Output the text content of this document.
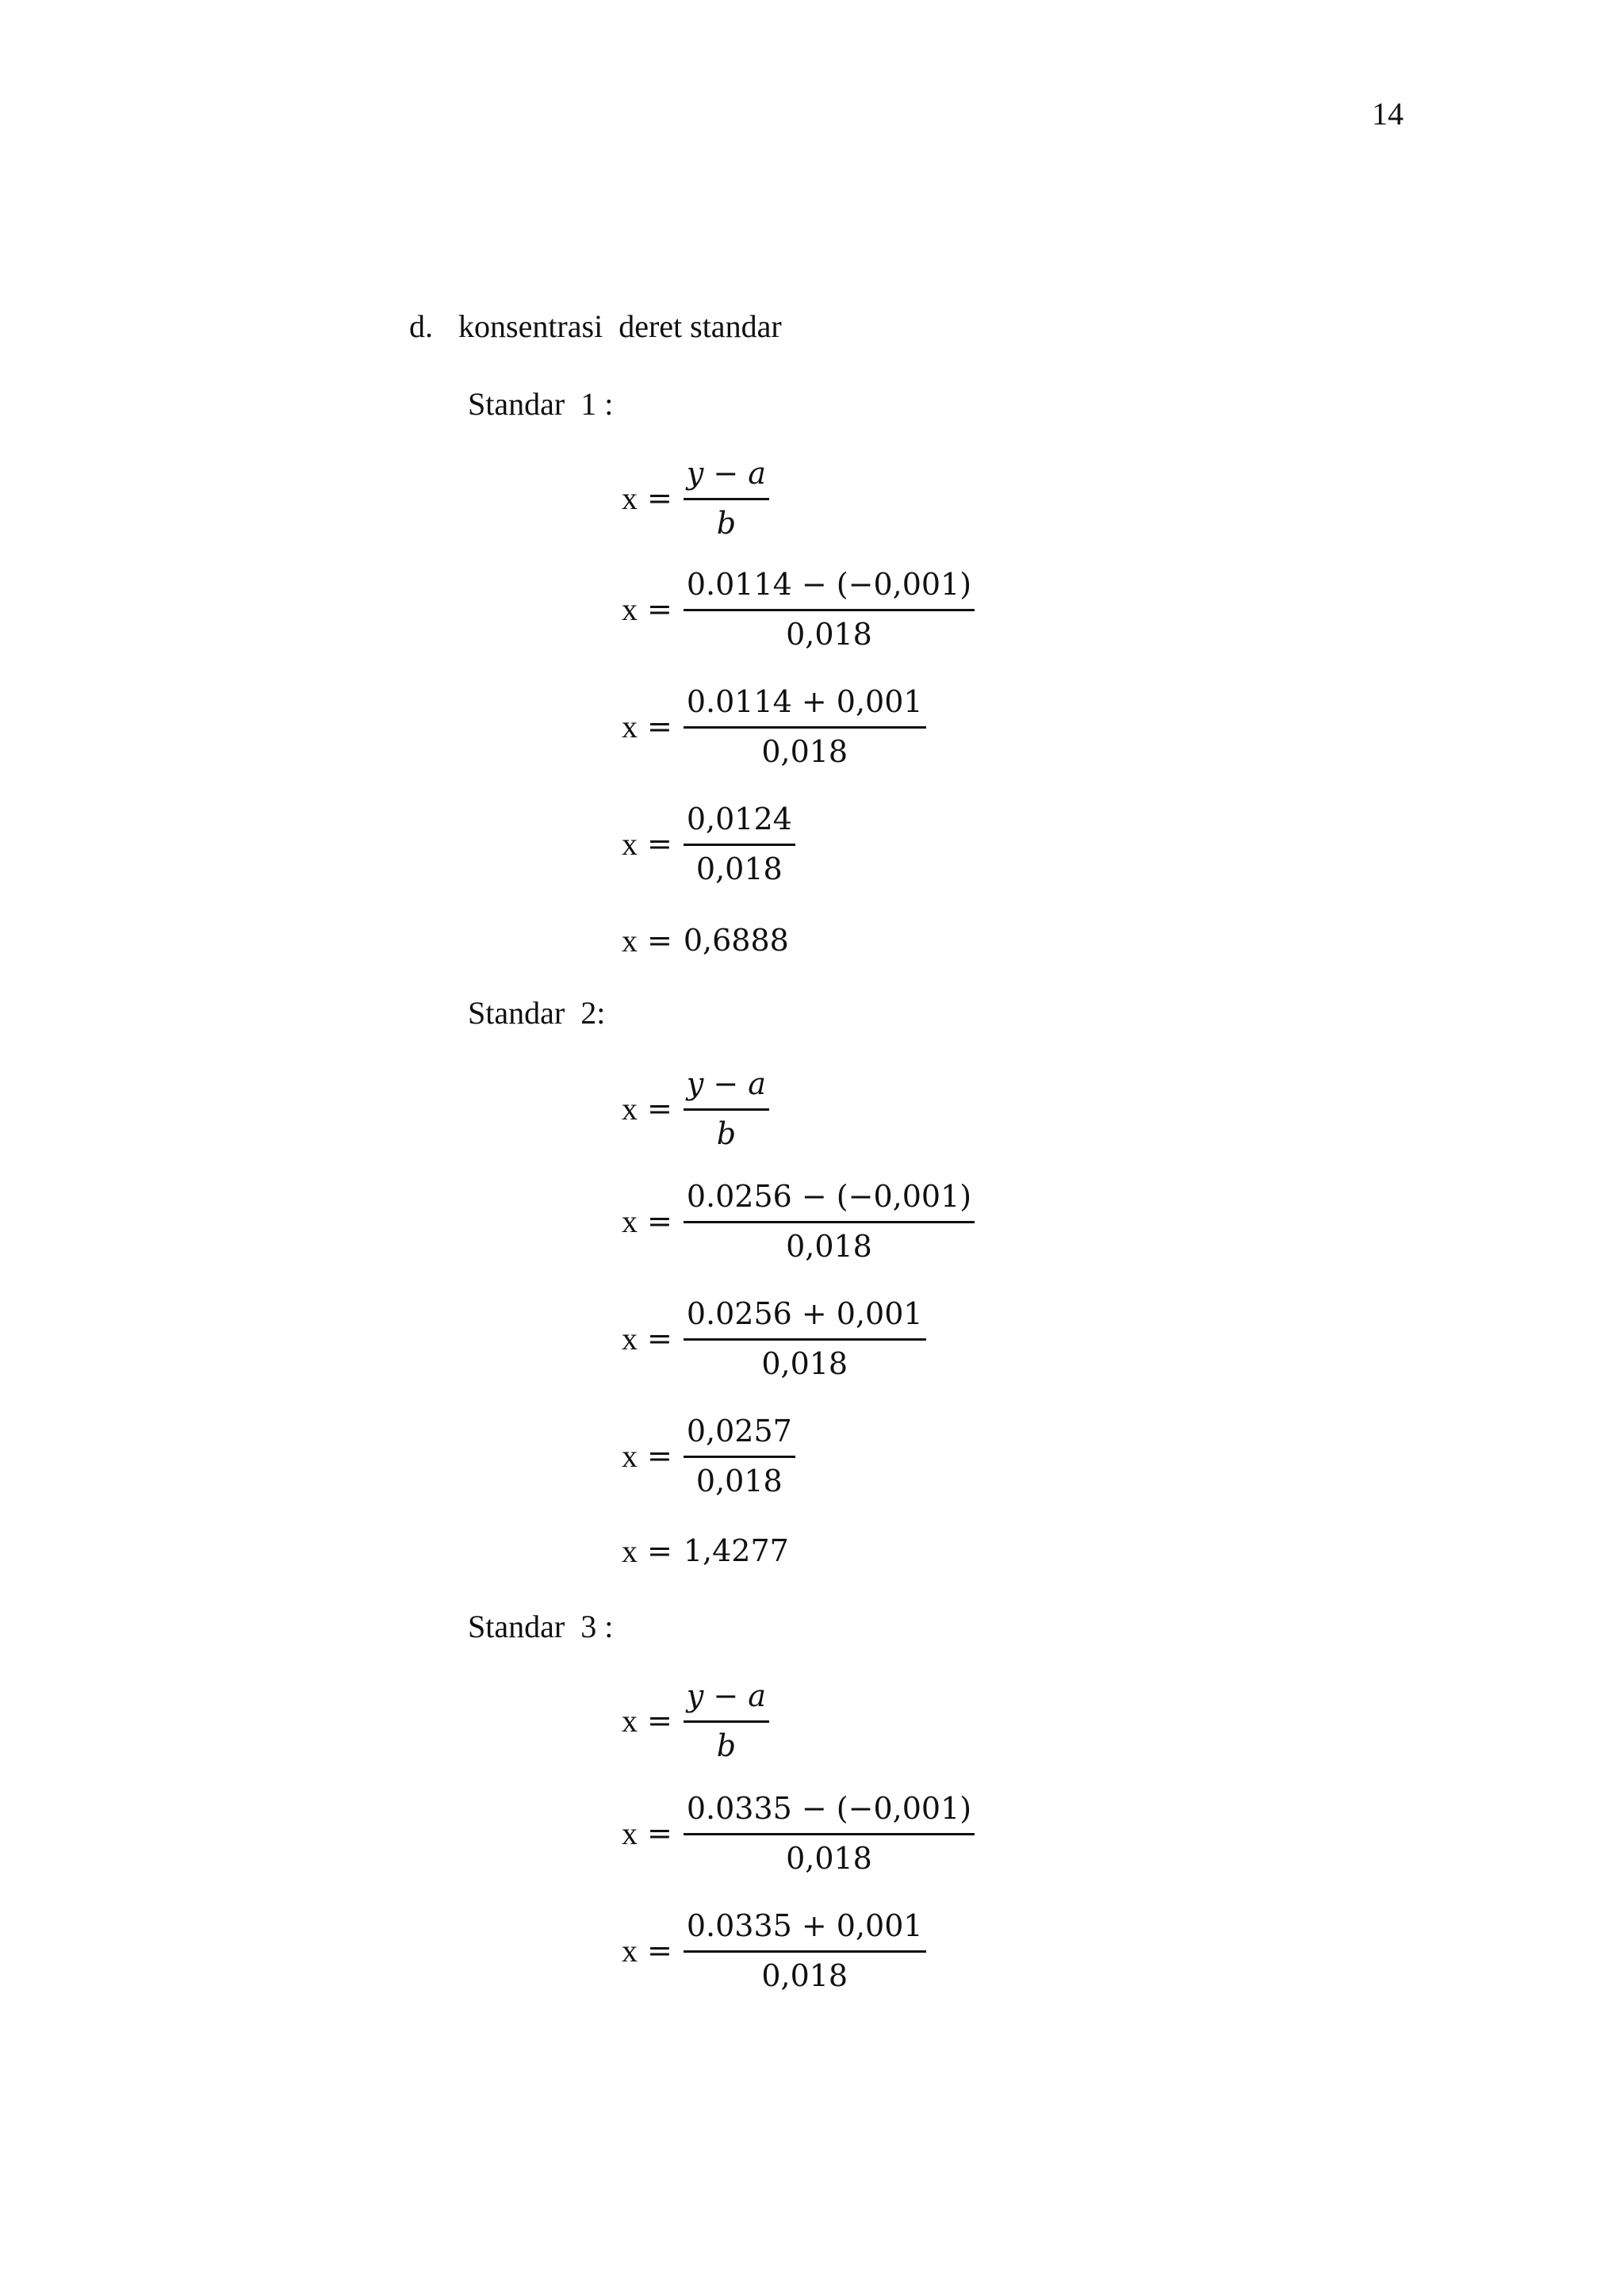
14
d. konsentrasi  deret standar
Standar  1 :
$x = \frac{y - a}{b}$
$x = \frac{0.0114 - (-0,001)}{0,018}$
$x = \frac{0.0114 + 0,001}{0,018}$
$x = \frac{0,0124}{0,018}$
x = 0,6888
Standar  2:
$x = \frac{y - a}{b}$
$x = \frac{0.0256 - (-0,001)}{0,018}$
$x = \frac{0.0256 + 0,001}{0,018}$
$x = \frac{0,0257}{0,018}$
x = 1,4277
Standar  3 :
$x = \frac{y - a}{b}$
$x = \frac{0.0335 - (-0,001)}{0,018}$
$x = \frac{0.0335 + 0,001}{0,018}$
